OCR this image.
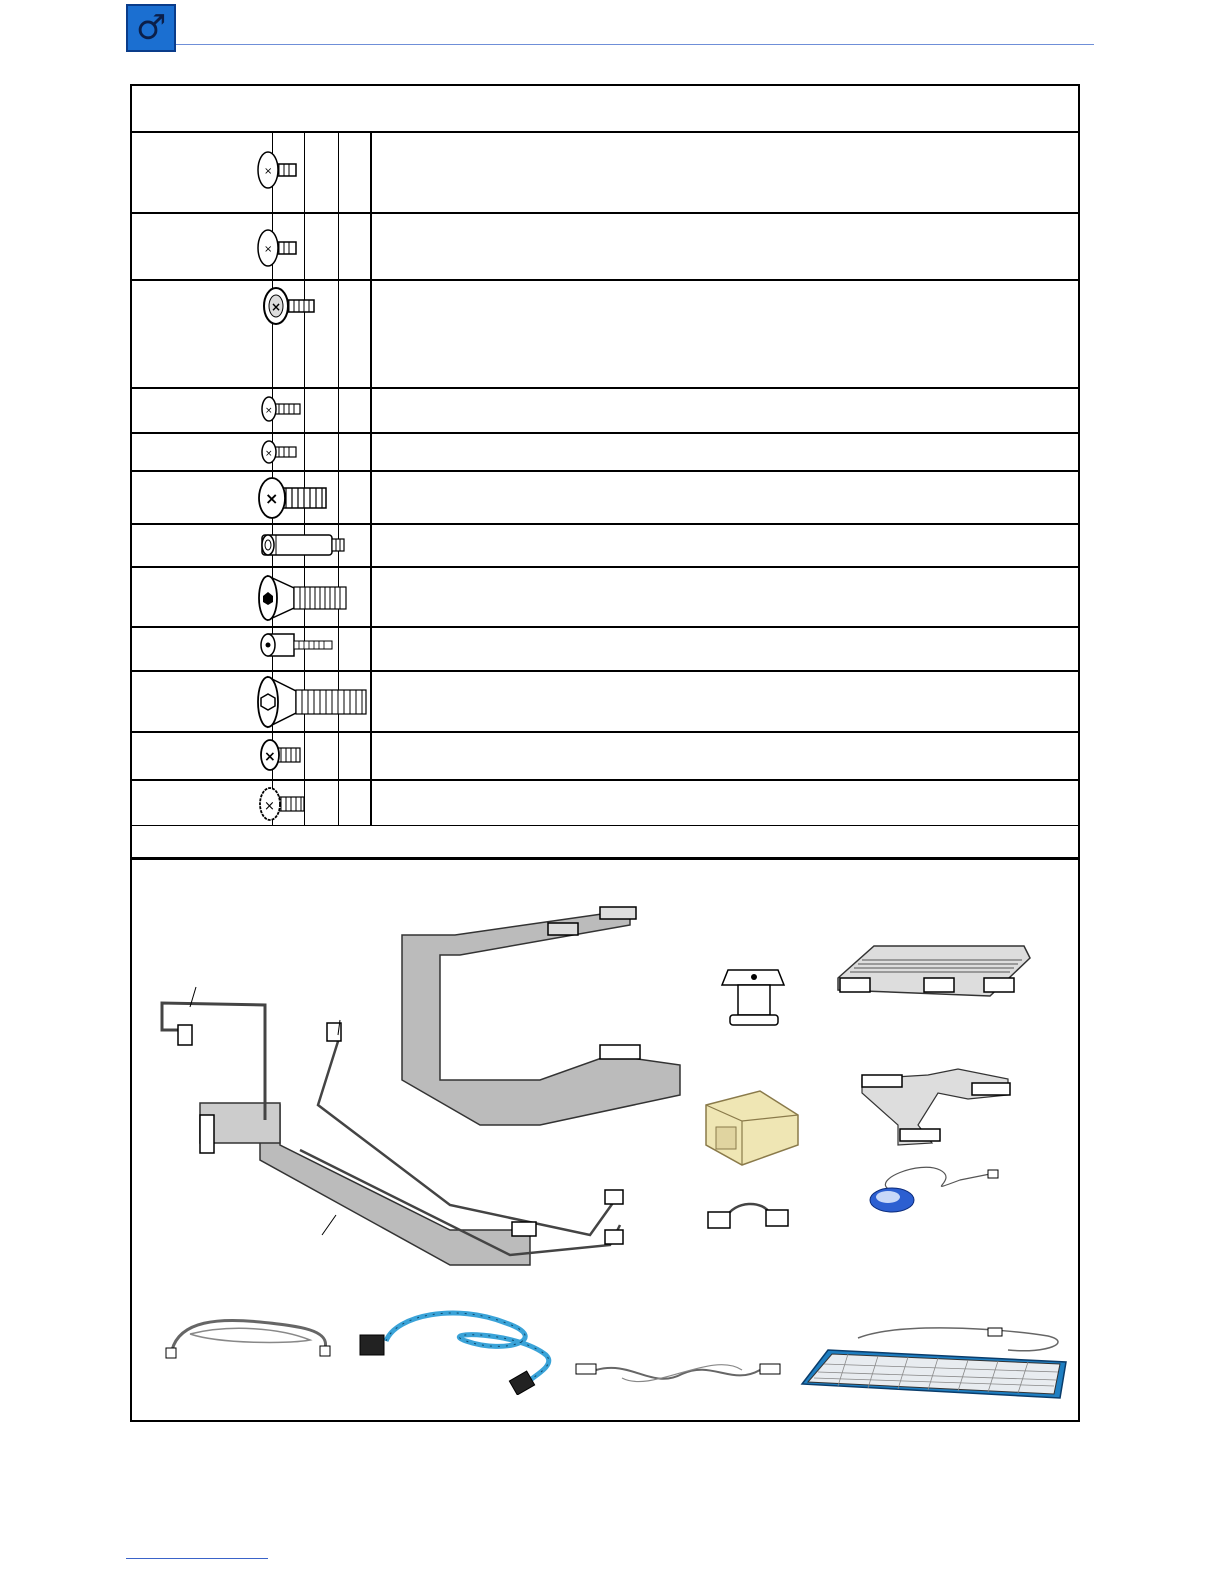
♂
×
×
×
×
×
×
×
×
